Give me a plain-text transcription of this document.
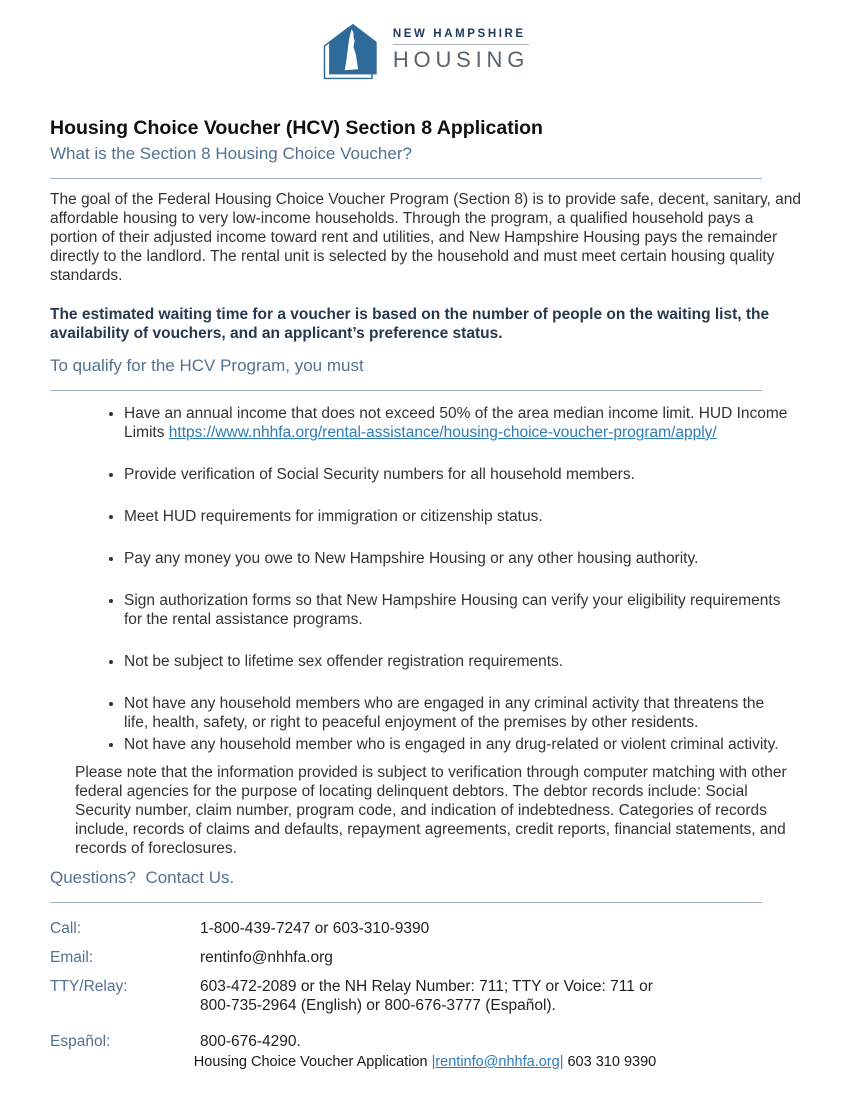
NEW HAMPSHIRE
HOUSING
Housing Choice Voucher (HCV) Section 8 Application
What is the Section 8 Housing Choice Voucher?
The goal of the Federal Housing Choice Voucher Program (Section 8) is to provide safe, decent, sanitary, and affordable housing to very low-income households. Through the program, a qualified household pays a portion of their adjusted income toward rent and utilities, and New Hampshire Housing pays the remainder directly to the landlord. The rental unit is selected by the household and must meet certain housing quality standards.
The estimated waiting time for a voucher is based on the number of people on the waiting list, the availability of vouchers, and an applicant’s preference status.
To qualify for the HCV Program, you must
• Have an annual income that does not exceed 50% of the area median income limit. HUD Income Limits https://www.nhhfa.org/rental-assistance/housing-choice-voucher-program/apply/
• Provide verification of Social Security numbers for all household members.
• Meet HUD requirements for immigration or citizenship status.
• Pay any money you owe to New Hampshire Housing or any other housing authority.
• Sign authorization forms so that New Hampshire Housing can verify your eligibility requirements for the rental assistance programs.
• Not be subject to lifetime sex offender registration requirements.
• Not have any household members who are engaged in any criminal activity that threatens the life, health, safety, or right to peaceful enjoyment of the premises by other residents.
• Not have any household member who is engaged in any drug-related or violent criminal activity.
Please note that the information provided is subject to verification through computer matching with other federal agencies for the purpose of locating delinquent debtors. The debtor records include: Social Security number, claim number, program code, and indication of indebtedness. Categories of records include, records of claims and defaults, repayment agreements, credit reports, financial statements, and records of foreclosures.
Questions?  Contact Us.
Call:	1-800-439-7247 or 603-310-9390
Email:	rentinfo@nhhfa.org
TTY/Relay:	603-472-2089 or the NH Relay Number: 711; TTY or Voice: 711 or
800-735-2964 (English) or 800-676-3777 (Español).
Español:	800-676-4290.
Housing Choice Voucher Application |rentinfo@nhhfa.org| 603 310 9390
